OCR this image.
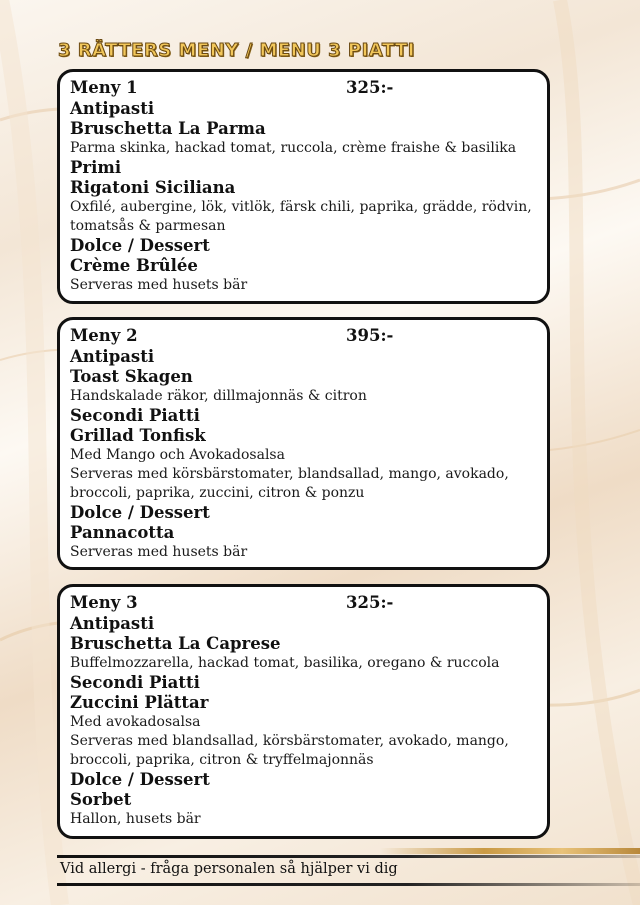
3 RÄTTERS MENY / MENU 3 PIATTI
Meny 1	325:-
Antipasti
Bruschetta La Parma
Parma skinka, hackad tomat, ruccola, crème fraishe & basilika
Primi
Rigatoni Siciliana
Oxfilé, aubergine, lök, vitlök, färsk chili, paprika, grädde, rödvin, tomatsås & parmesan
Dolce / Dessert
Crème Brûlée
Serveras med husets bär
Meny 2	395:-
Antipasti
Toast Skagen
Handskalade räkor, dillmajonnäs & citron
Secondi Piatti
Grillad Tonfisk
Med Mango och Avokadosalsa
Serveras med körsbärstomater, blandsallad, mango, avokado, broccoli, paprika, zuccini, citron & ponzu
Dolce / Dessert
Pannacotta
Serveras med husets bär
Meny 3	325:-
Antipasti
Bruschetta La Caprese
Buffelmozzarella, hackad tomat, basilika, oregano & ruccola
Secondi Piatti
Zuccini Plättar
Med avokadosalsa
Serveras med blandsallad, körsbärstomater, avokado, mango, broccoli, paprika, citron & tryffelmajonnäs
Dolce / Dessert
Sorbet
Hallon, husets bär
Vid allergi - fråga personalen så hjälper vi dig
